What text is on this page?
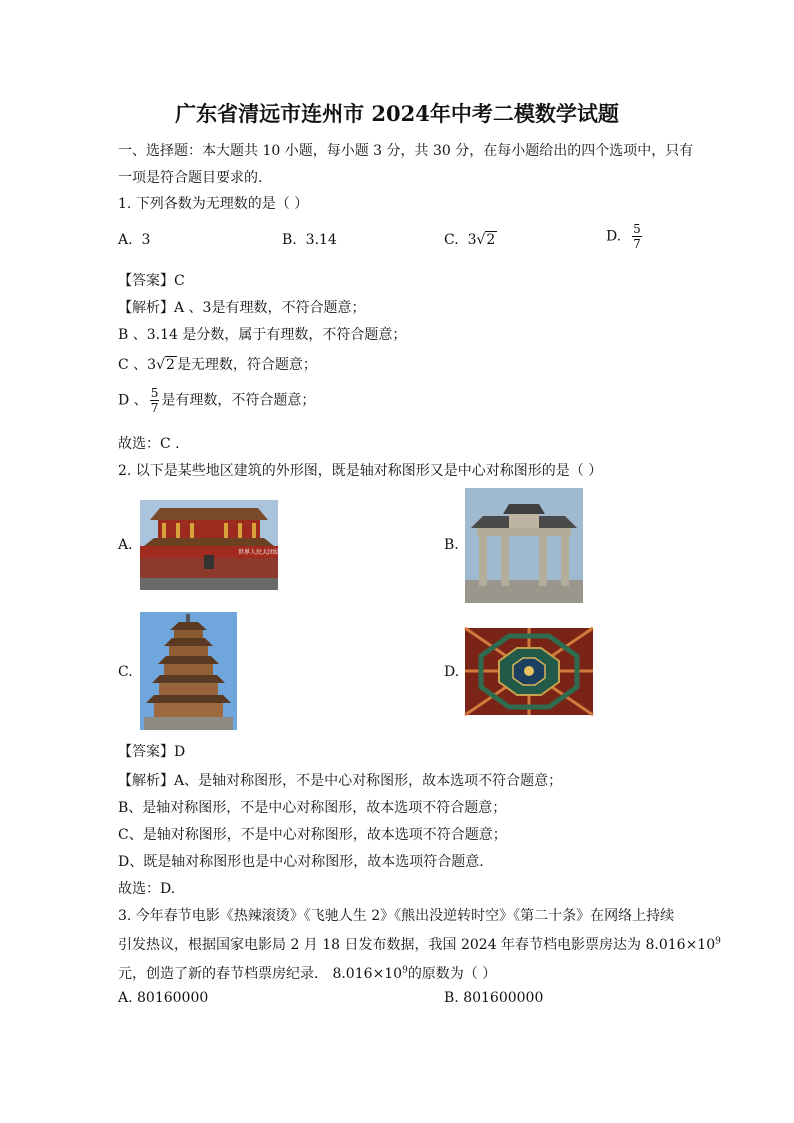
广东省清远市连州市 2024年中考二模数学试题
一、选择题：本大题共 10 小题，每小题 3 分，共 30 分，在每小题给出的四个选项中，只有
一项是符合题目要求的.
1. 下列各数为无理数的是（ ）
A. 3	B. 3.14	C. 3√2	D. $\frac{5}{7}$
【答案】C
【解析】A 、3是有理数，不符合题意；
B 、3.14 是分数，属于有理数，不符合题意；
C 、3√2 是无理数，符合题意；
D 、 $\frac{5}{7}$ 是有理数，不符合题意；
故选：C .
2. 以下是某些地区建筑的外形图，既是轴对称图形又是中心对称图形的是（ ）
A.	世界人民大团结万岁	B.
C.	D.
【答案】D
【解析】A、是轴对称图形，不是中心对称图形，故本选项不符合题意；
B、是轴对称图形，不是中心对称图形，故本选项不符合题意；
C、是轴对称图形，不是中心对称图形，故本选项不符合题意；
D、既是轴对称图形也是中心对称图形，故本选项符合题意.
故选：D.
3. 今年春节电影《热辣滚烫》《飞驰人生 2》《熊出没逆转时空》《第二十条》在网络上持续
引发热议，根据国家电影局 2 月 18 日发布数据，我国 2024 年春节档电影票房达为 $8.016\times 10^9$
元，创造了新的春节档票房纪录． $8.016\times 10^9$的原数为（ ）
A. 80160000	B. 801600000
